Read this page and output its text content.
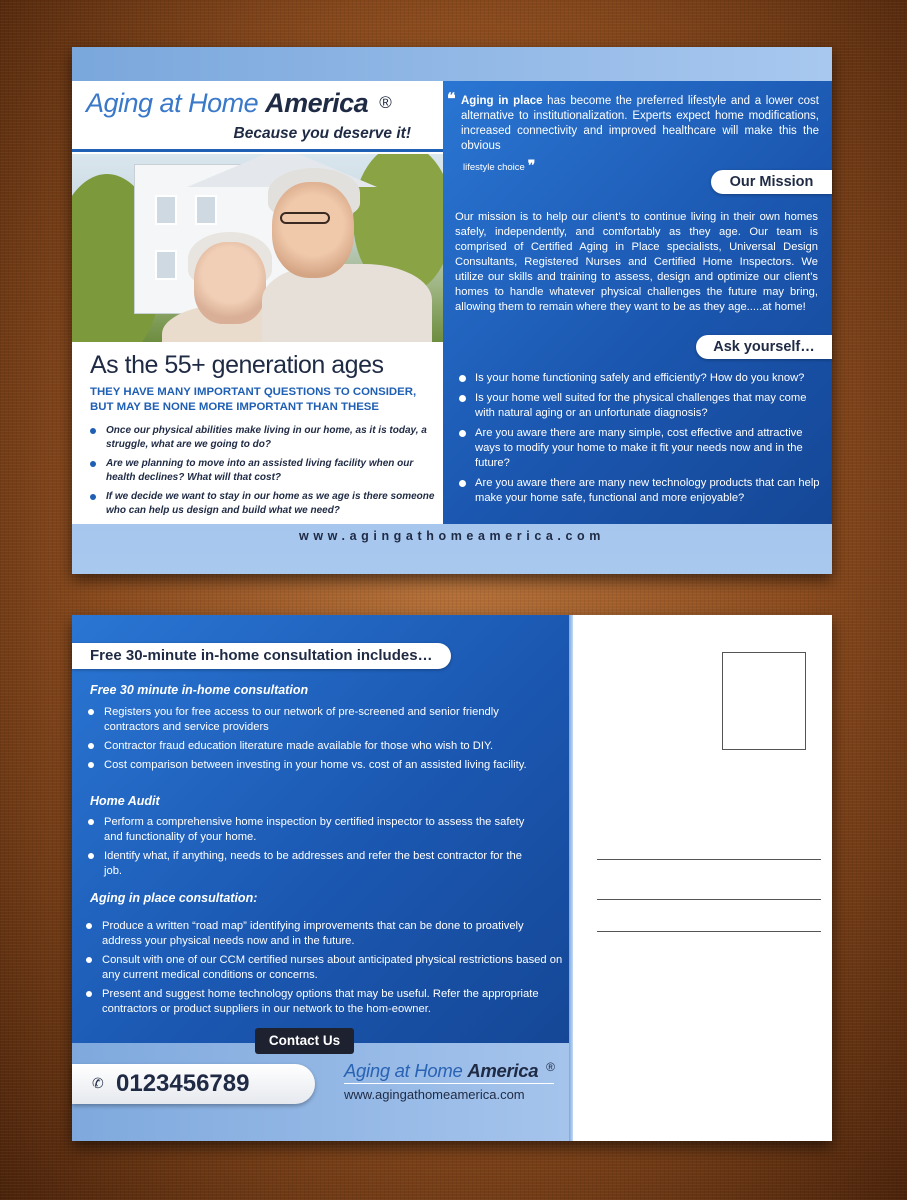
Aging at Home America ®
Because you deserve it!
As the 55+ generation ages
THEY HAVE MANY IMPORTANT QUESTIONS TO CONSIDER, BUT MAY BE NONE MORE IMPORTANT THAN THESE
Once our physical abilities make living in our home, as it is today, a struggle, what are we going to do?
Are we planning to move into an assisted living facility when our health declines? What will that cost?
If we decide we want to stay in our home as we age is there someone who can help us design and build what we need?
❝ Aging in place has become the preferred lifestyle and a lower cost alternative to institutionalization. Experts expect home modifications, increased connectivity and improved healthcare will make this the obvious
lifestyle choice ❞
Our Mission
Our mission is to help our client’s to continue living in their own homes safely, independently, and comfortably as they age. Our team is comprised of Certified Aging in Place specialists, Universal Design Consultants, Registered Nurses and Certified Home Inspectors. We utilize our skills and training to assess, design and optimize our client’s homes to handle whatever physical challenges the future may bring, allowing them to remain where they want to be as they age.....at home!
Ask yourself…
Is your home functioning safely and efficiently? How do you know?
Is your home well suited for the physical challenges that may come with natural aging or an unfortunate diagnosis?
Are you aware there are many simple, cost effective and attractive ways to modify your home to make it fit your needs now and in the future?
Are you aware there are many new technology products that can help make your home safe, functional and more enjoyable?
www.agingathomeamerica.com
Free 30-minute in-home consultation includes…
Free 30 minute in-home consultation
Registers you for free access to our network of pre-screened and senior friendly contractors and service providers
Contractor fraud education literature made available for those who wish to DIY.
Cost comparison between investing in your home vs. cost of an assisted living facility.
Home Audit
Perform a comprehensive home inspection by certified inspector to assess the safety and functionality of your home.
Identify what, if anything, needs to be addresses and refer the best contractor for the job.
Aging in place consultation:
Produce a written “road map” identifying improvements that can be done to proatively address your physical needs now and in the future.
Consult with one of our CCM certified nurses about anticipated physical restrictions based on any current medical conditions or concerns.
Present and suggest home technology options that may be useful. Refer the appropriate contractors or product suppliers in our network to the hom-eowner.
Contact Us
✆ 0123456789	Aging at Home America ®
www.agingathomeamerica.com
